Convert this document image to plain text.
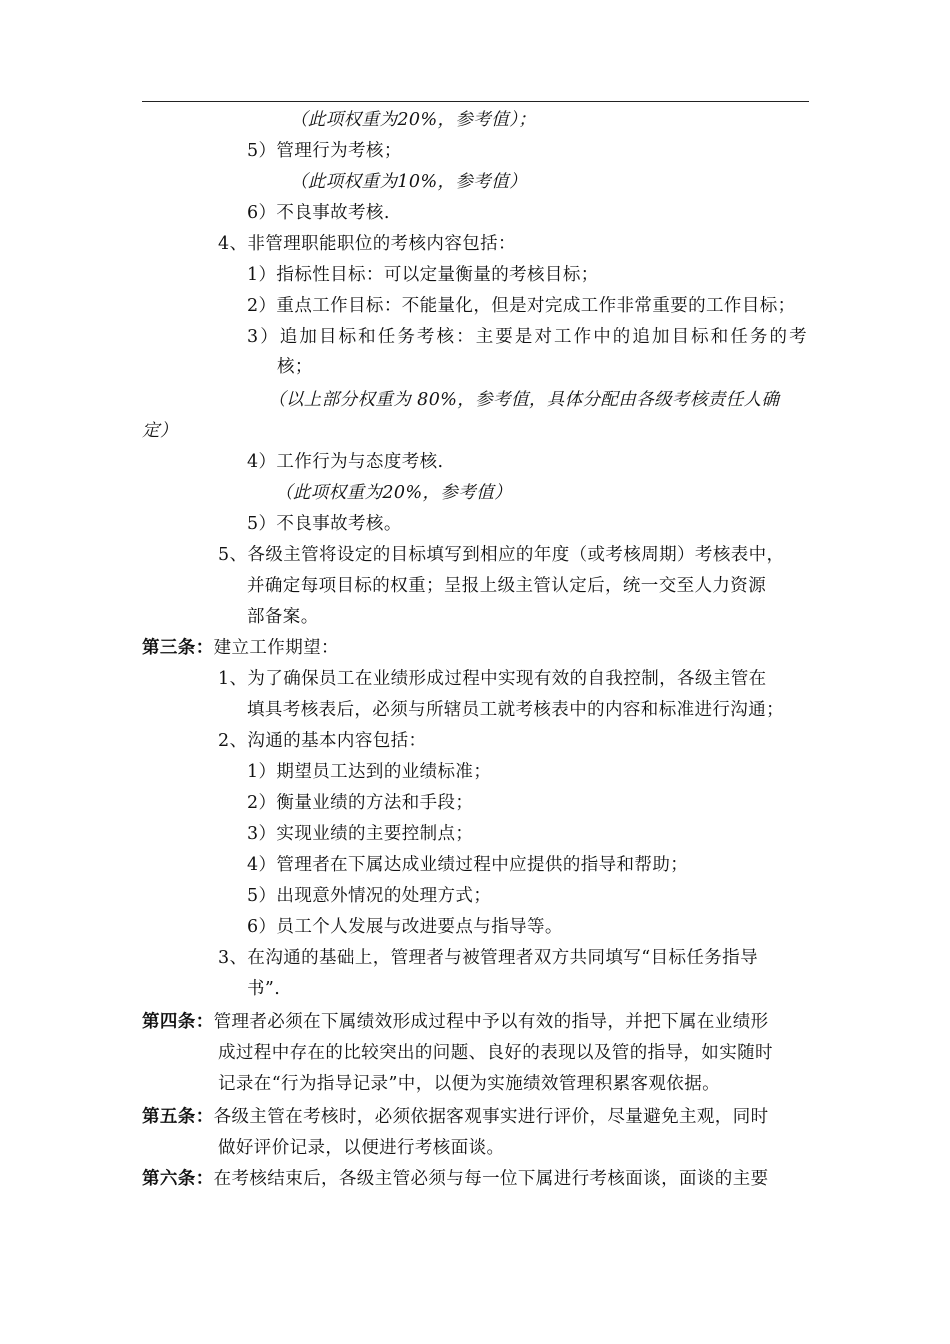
（此项权重为20%，参考值）；
5）管理行为考核；
（此项权重为10%，参考值）
6）不良事故考核.
4、非管理职能职位的考核内容包括：
1）指标性目标：可以定量衡量的考核目标；
2）重点工作目标：不能量化，但是对完成工作非常重要的工作目标；
3）追加目标和任务考核：主要是对工作中的追加目标和任务的考
核；
（以上部分权重为 80%，参考值，具体分配由各级考核责任人确
定）
4）工作行为与态度考核.
（此项权重为20%，参考值）
5）不良事故考核。
5、各级主管将设定的目标填写到相应的年度（或考核周期）考核表中，
并确定每项目标的权重；呈报上级主管认定后，统一交至人力资源
部备案。
第三条：建立工作期望：
1、为了确保员工在业绩形成过程中实现有效的自我控制，各级主管在
填具考核表后，必须与所辖员工就考核表中的内容和标准进行沟通；
2、沟通的基本内容包括：
1）期望员工达到的业绩标准；
2）衡量业绩的方法和手段；
3）实现业绩的主要控制点；
4）管理者在下属达成业绩过程中应提供的指导和帮助；
5）出现意外情况的处理方式；
6）员工个人发展与改进要点与指导等。
3、在沟通的基础上，管理者与被管理者双方共同填写“目标任务指导
书”.
第四条：管理者必须在下属绩效形成过程中予以有效的指导，并把下属在业绩形
成过程中存在的比较突出的问题、良好的表现以及管的指导，如实随时
记录在“行为指导记录”中，以便为实施绩效管理积累客观依据。
第五条：各级主管在考核时，必须依据客观事实进行评价，尽量避免主观，同时
做好评价记录，以便进行考核面谈。
第六条：在考核结束后，各级主管必须与每一位下属进行考核面谈，面谈的主要
